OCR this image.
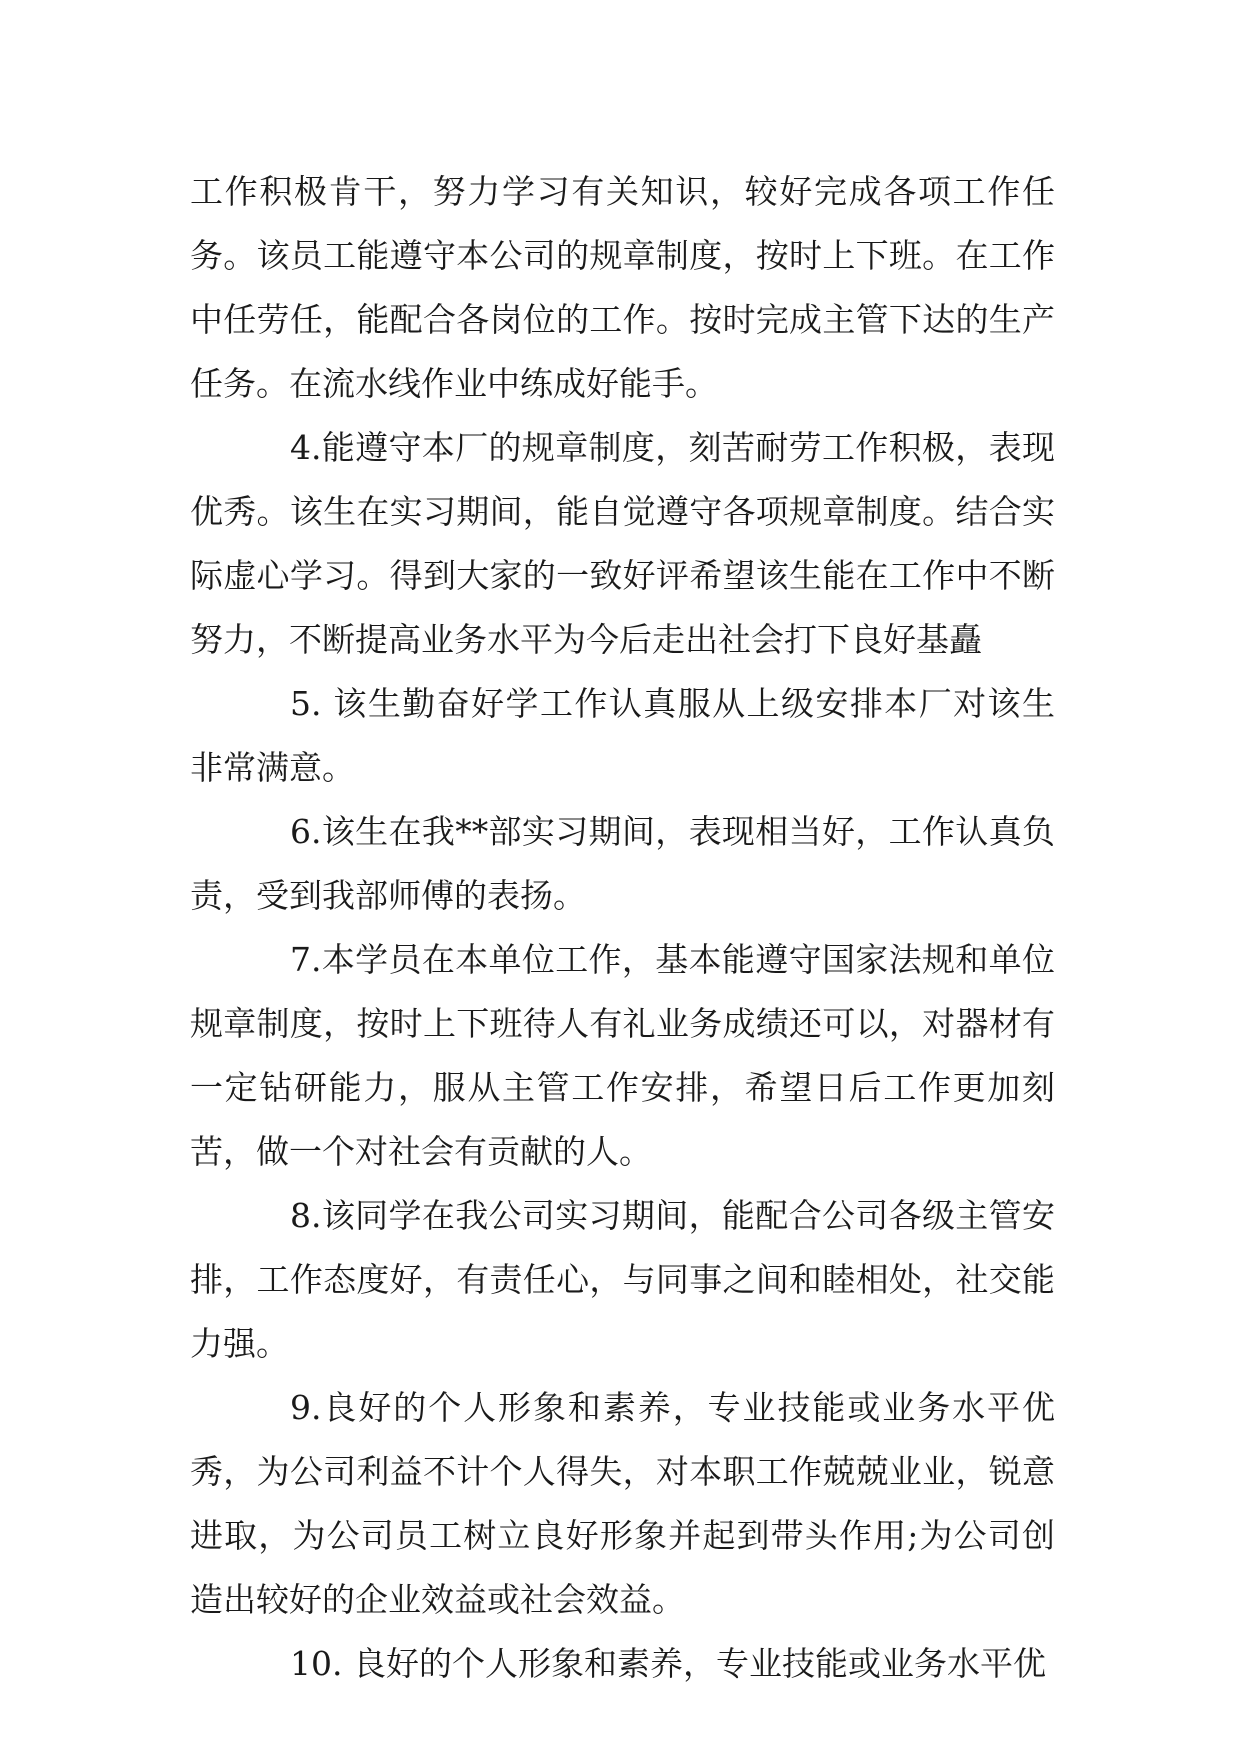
工作积极肯干，努力学习有关知识，较好完成各项工作任务。该员工能遵守本公司的规章制度，按时上下班。在工作中任劳任，能配合各岗位的工作。按时完成主管下达的生产任务。在流水线作业中练成好能手。

4.能遵守本厂的规章制度，刻苦耐劳工作积极，表现优秀。该生在实习期间，能自觉遵守各项规章制度。结合实际虚心学习。得到大家的一致好评希望该生能在工作中不断努力，不断提高业务水平为今后走出社会打下良好基矗

5. 该生勤奋好学工作认真服从上级安排本厂对该生非常满意。

6.该生在我**部实习期间，表现相当好，工作认真负责，受到我部师傅的表扬。

7.本学员在本单位工作，基本能遵守国家法规和单位规章制度，按时上下班待人有礼业务成绩还可以，对器材有一定钻研能力，服从主管工作安排，希望日后工作更加刻苦，做一个对社会有贡献的人。

8.该同学在我公司实习期间，能配合公司各级主管安排，工作态度好，有责任心，与同事之间和睦相处，社交能力强。

9.良好的个人形象和素养，专业技能或业务水平优秀，为公司利益不计个人得失，对本职工作兢兢业业，锐意进取，为公司员工树立良好形象并起到带头作用;为公司创造出较好的企业效益或社会效益。

10. 良好的个人形象和素养，专业技能或业务水平优
